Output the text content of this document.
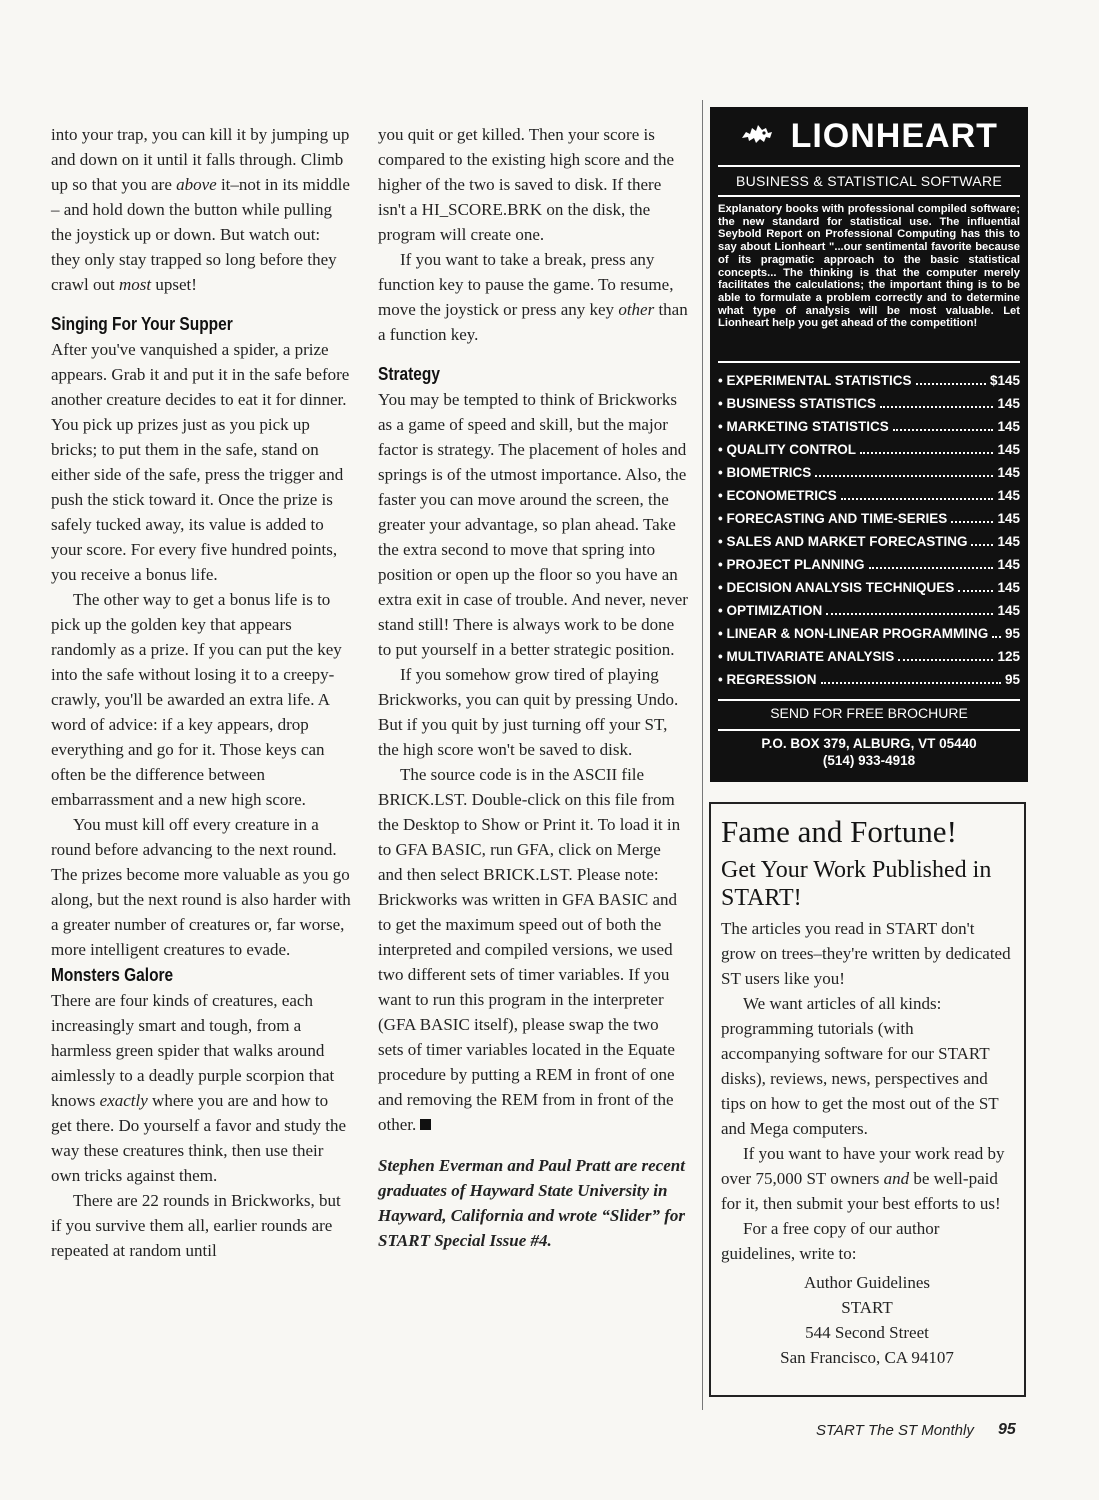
into your trap, you can kill it by jumping up and down on it until it falls through. Climb up so that you are above it–not in its middle – and hold down the button while pulling the joystick up or down. But watch out: they only stay trapped so long before they crawl out most upset!

Singing For Your Supper

After you've vanquished a spider, a prize appears. Grab it and put it in the safe before another creature decides to eat it for dinner. You pick up prizes just as you pick up bricks; to put them in the safe, stand on either side of the safe, press the trigger and push the stick toward it. Once the prize is safely tucked away, its value is added to your score. For every five hundred points, you receive a bonus life.

The other way to get a bonus life is to pick up the golden key that appears randomly as a prize. If you can put the key into the safe without losing it to a creepy-crawly, you'll be awarded an extra life. A word of advice: if a key appears, drop everything and go for it. Those keys can often be the difference between embarrassment and a new high score.

You must kill off every creature in a round before advancing to the next round. The prizes become more valuable as you go along, but the next round is also harder with a greater number of creatures or, far worse, more intelligent creatures to evade.

Monsters Galore

There are four kinds of creatures, each increasingly smart and tough, from a harmless green spider that walks around aimlessly to a deadly purple scorpion that knows exactly where you are and how to get there. Do yourself a favor and study the way these creatures think, then use their own tricks against them.

There are 22 rounds in Brickworks, but if you survive them all, earlier rounds are repeated at random until

you quit or get killed. Then your score is compared to the existing high score and the higher of the two is saved to disk. If there isn't a HI_SCORE.BRK on the disk, the program will create one.

If you want to take a break, press any function key to pause the game. To resume, move the joystick or press any key other than a function key.

Strategy

You may be tempted to think of Brickworks as a game of speed and skill, but the major factor is strategy. The placement of holes and springs is of the utmost importance. Also, the faster you can move around the screen, the greater your advantage, so plan ahead. Take the extra second to move that spring into position or open up the floor so you have an extra exit in case of trouble. And never, never stand still! There is always work to be done to put yourself in a better strategic position.

If you somehow grow tired of playing Brickworks, you can quit by pressing Undo. But if you quit by just turning off your ST, the high score won't be saved to disk.

The source code is in the ASCII file BRICK.LST. Double-click on this file from the Desktop to Show or Print it. To load it in to GFA BASIC, run GFA, click on Merge and then select BRICK.LST. Please note: Brickworks was written in GFA BASIC and to get the maximum speed out of both the interpreted and compiled versions, we used two different sets of timer variables. If you want to run this program in the interpreter (GFA BASIC itself), please swap the two sets of timer variables located in the Equate procedure by putting a REM in front of one and removing the REM from in front of the other.

Stephen Everman and Paul Pratt are recent graduates of Hayward State University in Hayward, California and wrote “Slider” for START Special Issue #4.

LIONHEART
BUSINESS & STATISTICAL SOFTWARE
Explanatory books with professional compiled software; the new standard for statistical use. The influential Seybold Report on Professional Computing has this to say about Lionheart "...our sentimental favorite because of its pragmatic approach to the basic statistical concepts... The thinking is that the computer merely facilitates the calculations; the important thing is to be able to formulate a problem correctly and to determine what type of analysis will be most valuable. Let Lionheart help you get ahead of the competition!
• EXPERIMENTAL STATISTICS	$145
• BUSINESS STATISTICS	145
• MARKETING STATISTICS	145
• QUALITY CONTROL	145
• BIOMETRICS	145
• ECONOMETRICS	145
• FORECASTING AND TIME-SERIES	145
• SALES AND MARKET FORECASTING 145
• PROJECT PLANNING	145
• DECISION ANALYSIS TECHNIQUES	145
• OPTIMIZATION	145
• LINEAR & NON-LINEAR PROGRAMMING 95
• MULTIVARIATE ANALYSIS	125
• REGRESSION	95
SEND FOR FREE BROCHURE
P.O. BOX 379, ALBURG, VT 05440
(514) 933-4918
Fame and Fortune!
Get Your Work Published in START!

The articles you read in START don't grow on trees–they're written by dedicated ST users like you!

We want articles of all kinds: programming tutorials (with accompanying software for our START disks), reviews, news, perspectives and tips on how to get the most out of the ST and Mega computers.

If you want to have your work read by over 75,000 ST owners and be well-paid for it, then submit your best efforts to us!

For a free copy of our author guidelines, write to:

Author Guidelines
START
544 Second Street
San Francisco, CA 94107

START The ST Monthly 95
